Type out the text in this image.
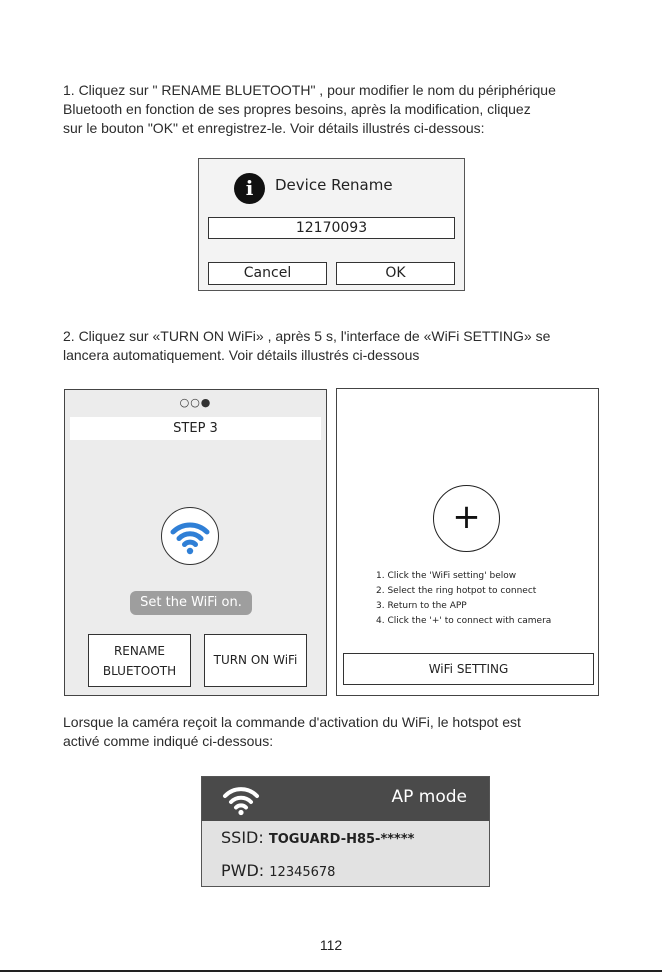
1. Cliquez sur " RENAME BLUETOOTH" , pour modifier le nom du périphérique
Bluetooth en fonction de ses propres besoins, après la modification, cliquez
sur le bouton "OK" et enregistrez-le. Voir détails illustrés ci-dessous:
i	Device Rename
12170093
Cancel	OK
2. Cliquez sur «TURN ON WiFi» , après 5 s, l'interface de «WiFi SETTING» se
lancera automatiquement. Voir détails illustrés ci-dessous
○○●
STEP 3
Set the WiFi on.
RENAME
BLUETOOTH
TURN ON WiFi
+
1. Click the 'WiFi setting' below
2. Select the ring hotpot to connect
3. Return to the APP
4. Click the '+' to connect with camera
WiFi SETTING
Lorsque la caméra reçoit la commande d'activation du WiFi, le hotspot est
activé comme indiqué ci-dessous:
AP mode
SSID: TOGUARD-H85-*****
PWD: 12345678
112
